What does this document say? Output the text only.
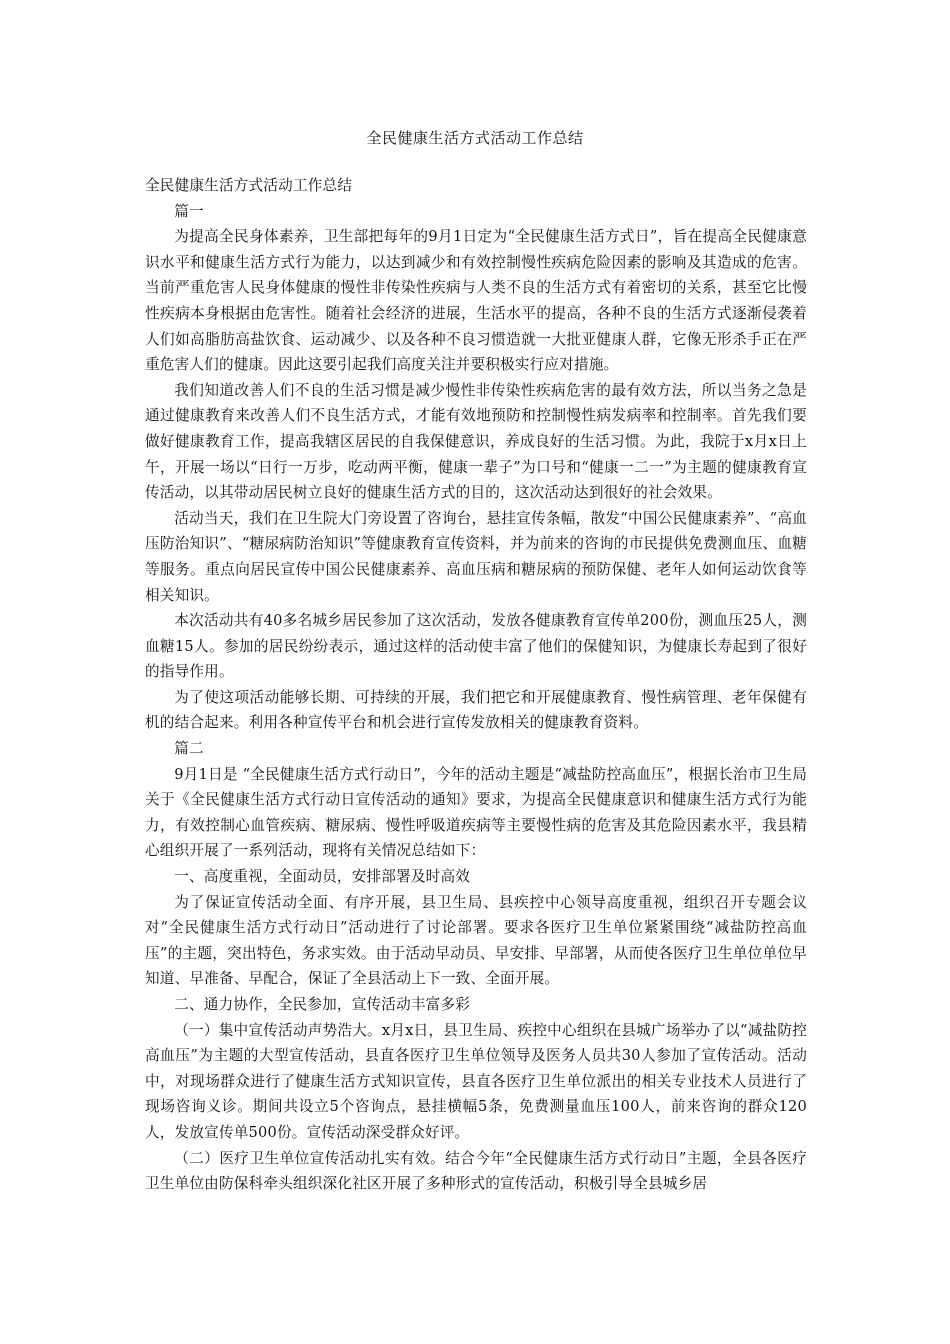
全民健康生活方式活动工作总结

全民健康生活方式活动工作总结

篇一

为提高全民身体素养，卫生部把每年的9月1日定为“全民健康生活方式日”，旨在提高全民健康意识水平和健康生活方式行为能力，以达到减少和有效控制慢性疾病危险因素的影响及其造成的危害。当前严重危害人民身体健康的慢性非传染性疾病与人类不良的生活方式有着密切的关系，甚至它比慢性疾病本身根据由危害性。随着社会经济的进展，生活水平的提高，各种不良的生活方式逐渐侵袭着人们如高脂肪高盐饮食、运动减少、以及各种不良习惯造就一大批亚健康人群，它像无形杀手正在严重危害人们的健康。因此这要引起我们高度关注并要积极实行应对措施。

我们知道改善人们不良的生活习惯是减少慢性非传染性疾病危害的最有效方法，所以当务之急是通过健康教育来改善人们不良生活方式，才能有效地预防和控制慢性病发病率和控制率。首先我们要做好健康教育工作，提高我辖区居民的自我保健意识，养成良好的生活习惯。为此，我院于x月x日上午，开展一场以“日行一万步，吃动两平衡，健康一辈子”为口号和“健康一二一”为主题的健康教育宣传活动，以其带动居民树立良好的健康生活方式的目的，这次活动达到很好的社会效果。

活动当天，我们在卫生院大门旁设置了咨询台，悬挂宣传条幅，散发“中国公民健康素养”、“高血压防治知识”、“糖尿病防治知识”等健康教育宣传资料，并为前来的咨询的市民提供免费测血压、血糖等服务。重点向居民宣传中国公民健康素养、高血压病和糖尿病的预防保健、老年人如何运动饮食等相关知识。

本次活动共有40多名城乡居民参加了这次活动，发放各健康教育宣传单200份，测血压25人，测血糖15人。参加的居民纷纷表示，通过这样的活动使丰富了他们的保健知识，为健康长寿起到了很好的指导作用。

为了使这项活动能够长期、可持续的开展，我们把它和开展健康教育、慢性病管理、老年保健有机的结合起来。利用各种宣传平台和机会进行宣传发放相关的健康教育资料。

篇二

9月1日是 “全民健康生活方式行动日”，今年的活动主题是“减盐防控高血压”，根据长治市卫生局关于《全民健康生活方式行动日宣传活动的通知》要求，为提高全民健康意识和健康生活方式行为能力，有效控制心血管疾病、糖尿病、慢性呼吸道疾病等主要慢性病的危害及其危险因素水平，我县精心组织开展了一系列活动，现将有关情况总结如下：

一、高度重视，全面动员，安排部署及时高效

为了保证宣传活动全面、有序开展，县卫生局、县疾控中心领导高度重视，组织召开专题会议对“全民健康生活方式行动日”活动进行了讨论部署。要求各医疗卫生单位紧紧围绕“减盐防控高血压”的主题，突出特色，务求实效。由于活动早动员、早安排、早部署，从而使各医疗卫生单位单位早知道、早准备、早配合，保证了全县活动上下一致、全面开展。

二、通力协作，全民参加，宣传活动丰富多彩

（一）集中宣传活动声势浩大。x月x日，县卫生局、疾控中心组织在县城广场举办了以“减盐防控高血压”为主题的大型宣传活动，县直各医疗卫生单位领导及医务人员共30人参加了宣传活动。活动中，对现场群众进行了健康生活方式知识宣传，县直各医疗卫生单位派出的相关专业技术人员进行了现场咨询义诊。期间共设立5个咨询点，悬挂横幅5条，免费测量血压100人，前来咨询的群众120人，发放宣传单500份。宣传活动深受群众好评。

（二）医疗卫生单位宣传活动扎实有效。结合今年“全民健康生活方式行动日”主题，全县各医疗卫生单位由防保科牵头组织深化社区开展了多种形式的宣传活动，积极引导全县城乡居
